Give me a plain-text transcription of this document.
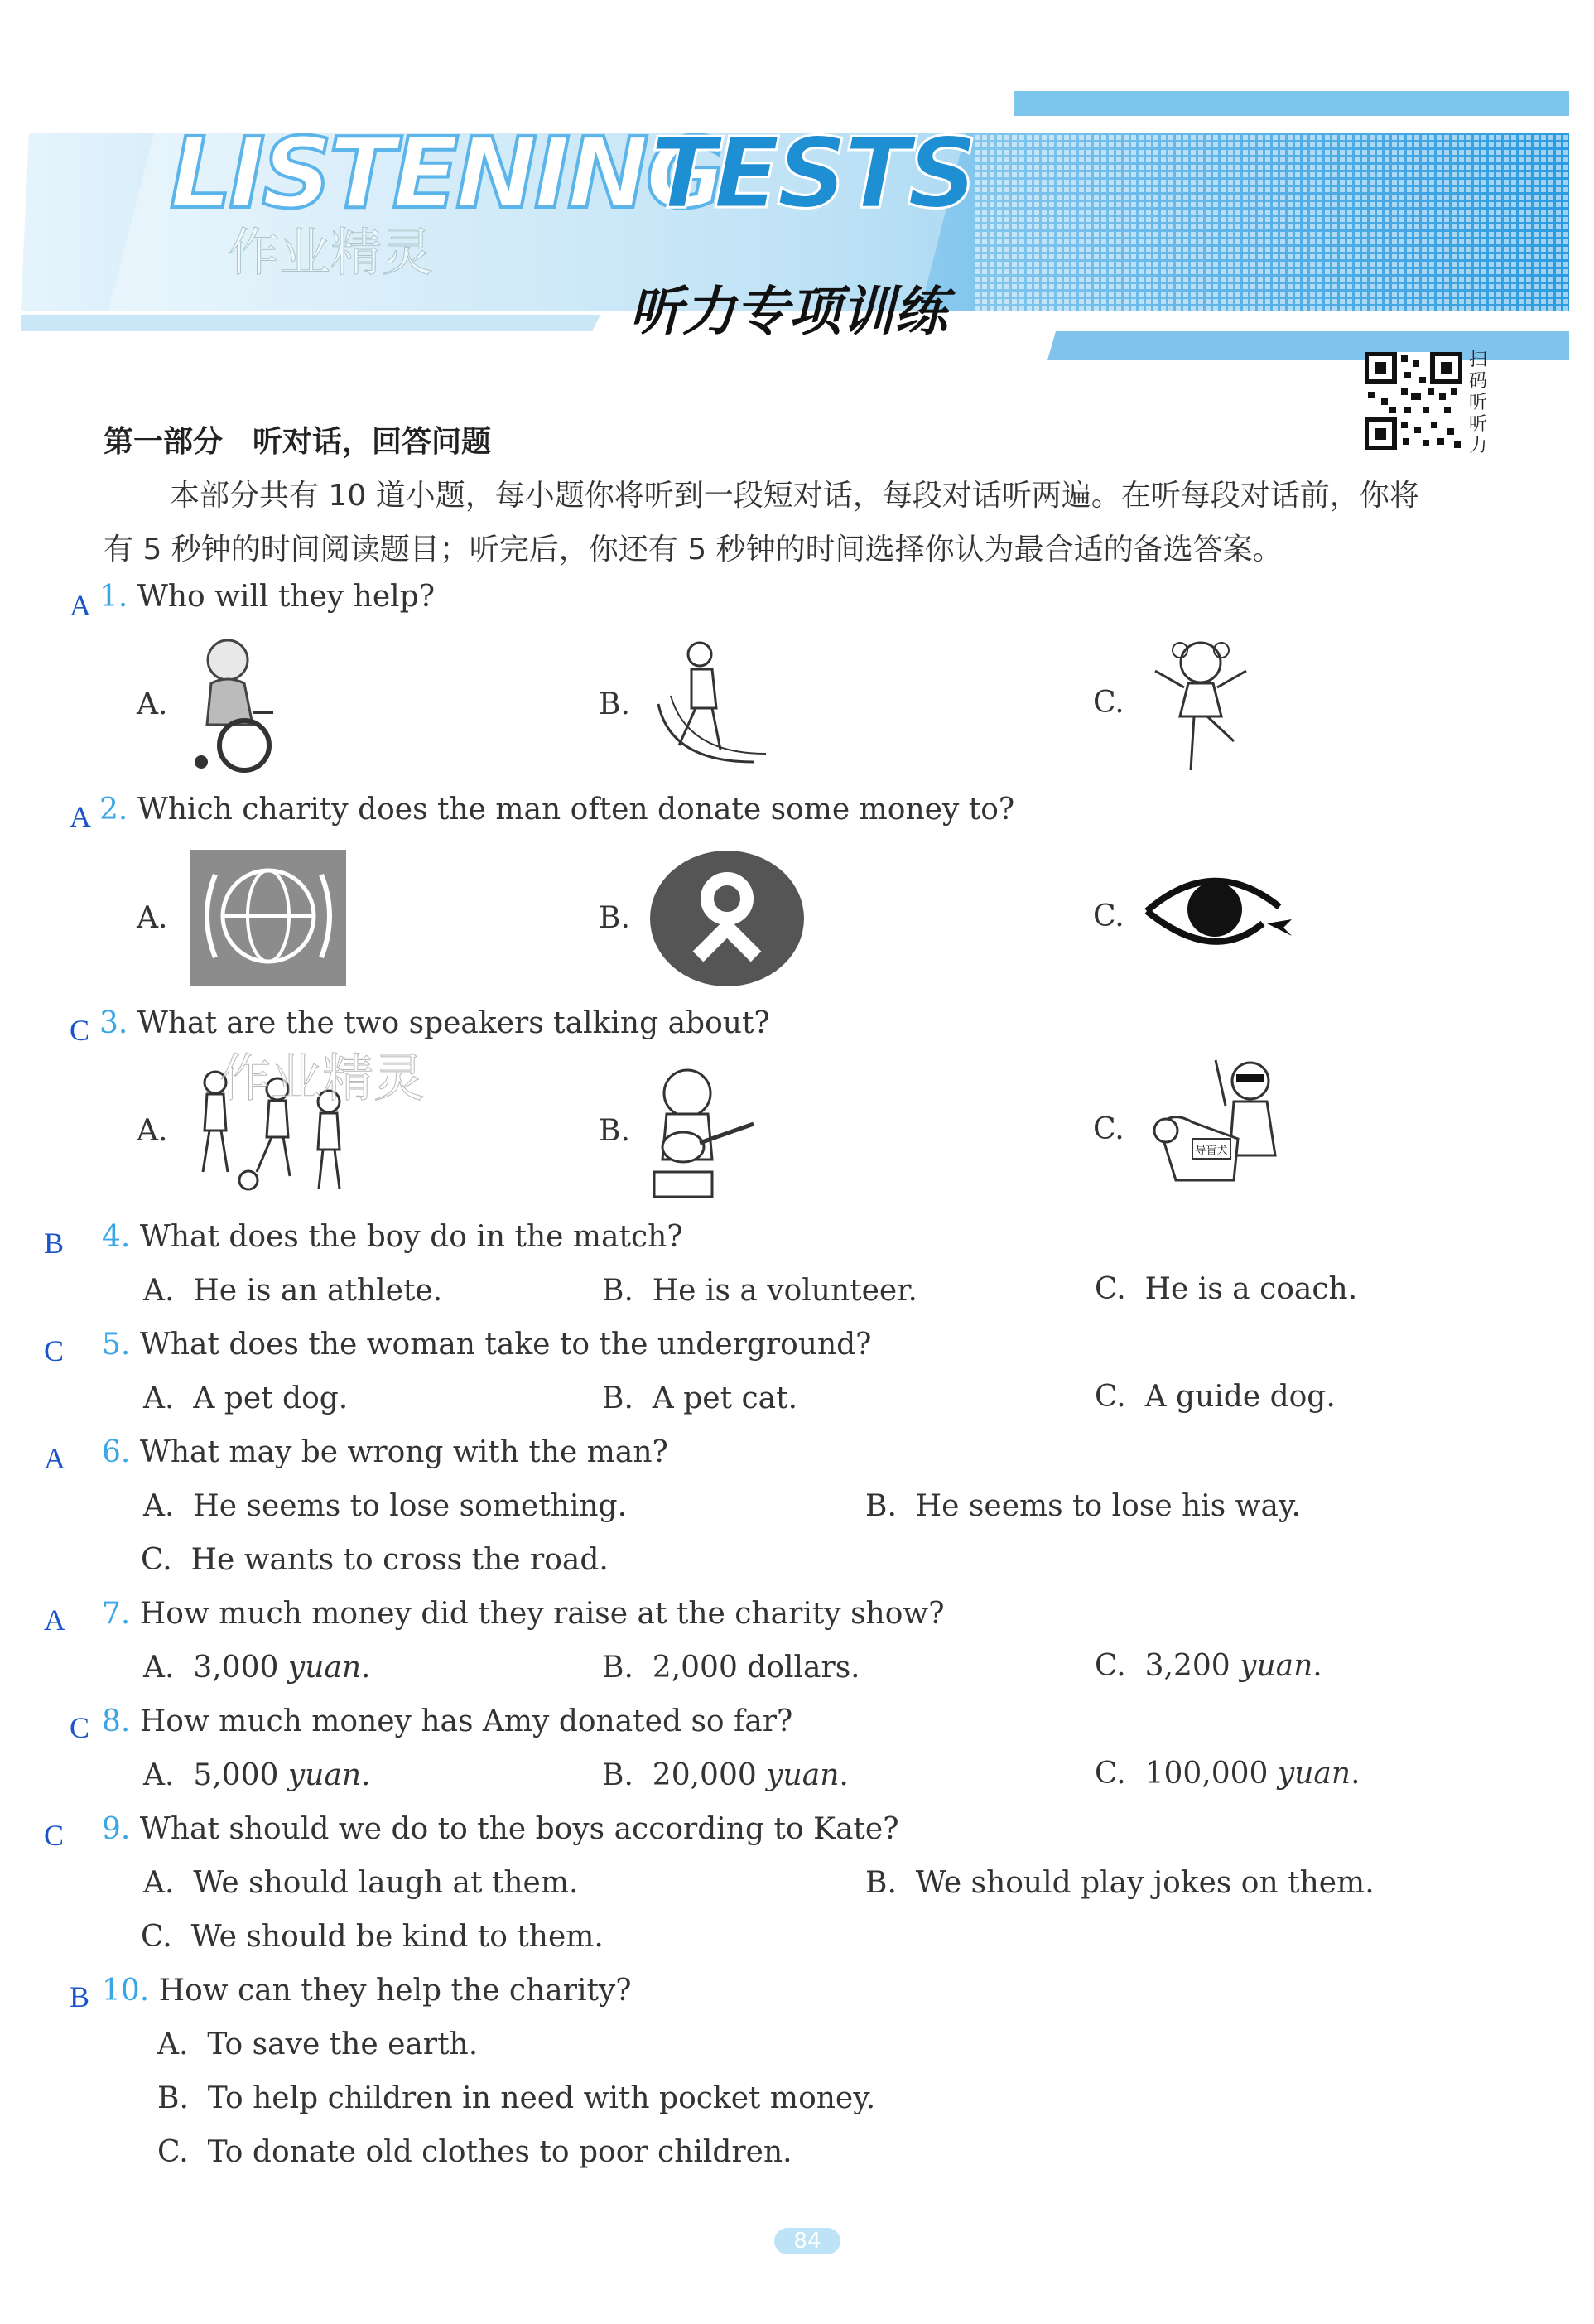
LISTENING
TESTS
听力专项训练
作业精灵
扫
码
听
听
力
第一部分　听对话，回答问题
本部分共有 10 道小题，每小题你将听到一段短对话，每段对话听两遍。在听每段对话前，你将
有 5 秒钟的时间阅读题目；听完后，你还有 5 秒钟的时间选择你认为最合适的备选答案。
A 1. Who will they help?
A.	B.	C.
A 2. Which charity does the man often donate some money to?
A.	B.	C.
C 3. What are the two speakers talking about?
A.	B.	C.
导盲犬
作业精灵
B 4. What does the boy do in the match?
A.  He is an athlete.	B.  He is a volunteer.	C.  He is a coach.
C 5. What does the woman take to the underground?
A.  A pet dog.	B.  A pet cat.	C.  A guide dog.
A 6. What may be wrong with the man?
A.  He seems to lose something.	B.  He seems to lose his way.
C.  He wants to cross the road.
A 7. How much money did they raise at the charity show?
A.  3,000 yuan.	B.  2,000 dollars.	C.  3,200 yuan.
C 8. How much money has Amy donated so far?
A.  5,000 yuan.	B.  20,000 yuan.	C.  100,000 yuan.
C 9. What should we do to the boys according to Kate?
A.  We should laugh at them.	B.  We should play jokes on them.
C.  We should be kind to them.
B 10. How can they help the charity?
A.  To save the earth.
B.  To help children in need with pocket money.
C.  To donate old clothes to poor children.
84
